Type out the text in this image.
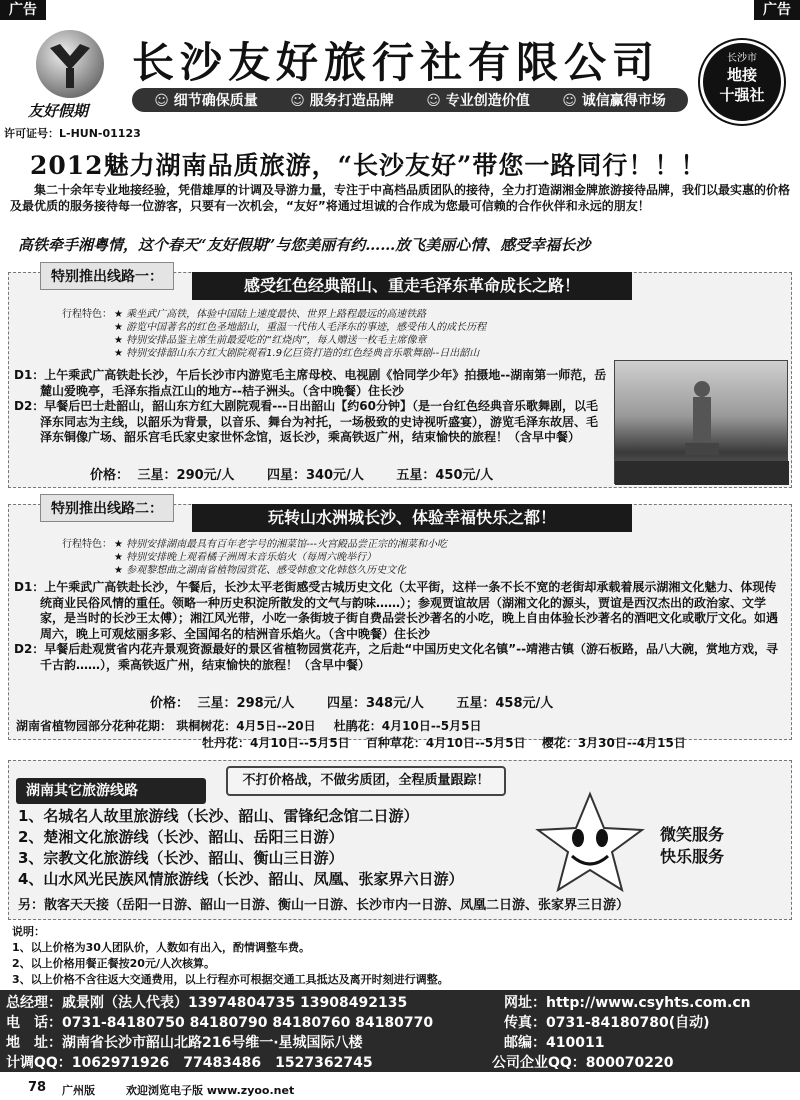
广告	广告
友好假期
许可证号：L-HUN-01123
长沙友好旅行社有限公司
☺ 细节确保质量	☺ 服务打造品牌	☺ 专业创造价值	☺ 诚信赢得市场
长沙市
地接
十强社
2012魅力湖南品质旅游，“长沙友好”带您一路同行！！！
集二十余年专业地接经验，凭借雄厚的计调及导游力量，专注于中高档品质团队的接待，全力打造湖湘金牌旅游接待品牌，我们以最实惠的价格及最优质的服务接待每一位游客，只要有一次机会，“友好”将通过坦诚的合作成为您最可信赖的合作伙伴和永远的朋友！
高铁牵手湘粤情，这个春天“友好假期”与您美丽有约……放飞美丽心情、感受幸福长沙
特别推出线路一：	感受红色经典韶山、重走毛泽东革命成长之路！
行程特色：	★ 乘坐武广高铁，体验中国陆上速度最快、世界上路程最远的高速铁路
★ 游览中国著名的红色圣地韶山，重温一代伟人毛泽东的事迹，感受伟人的成长历程
★ 特别安排品鉴主席生前最爱吃的“红烧肉”，每人赠送一枚毛主席像章
★ 特别安排韶山东方红大剧院观看1.9亿巨资打造的红色经典音乐歌舞剧--日出韶山

D1：上午乘武广高铁赴长沙，午后长沙市内游览毛主席母校、电视剧《恰同学少年》拍摄地--湖南第一师范，岳麓山爱晚亭，毛泽东指点江山的地方--桔子洲头。（含中晚餐）住长沙

D2：早餐后巴士赴韶山，韶山东方红大剧院观看---日出韶山【约60分钟】（是一台红色经典音乐歌舞剧，以毛泽东同志为主线，以韶乐为背景，以音乐、舞台为衬托，一场极致的史诗视听盛宴），游览毛泽东故居、毛泽东铜像广场、韶乐宫毛氏家史家世怀念馆，返长沙，乘高铁返广州，结束愉快的旅程！（含早中餐）

价格： 三星：290元/人	四星：340元/人	五星：450元/人
特别推出线路二：	玩转山水洲城长沙、体验幸福快乐之都！
行程特色：	★ 特别安排湖南最具有百年老字号的湘菜馆---火宫殿品尝正宗的湘菜和小吃
★ 特别安排晚上观看橘子洲周末音乐焰火（每周六晚举行）
★ 参观黎想曲之湖南省植物园赏花、感受韩愈文化韩悠久历史文化

D1：上午乘武广高铁赴长沙，午餐后，长沙太平老街感受古城历史文化（太平街，这样一条不长不宽的老街却承载着展示湖湘文化魅力、体现传统商业民俗风情的重任。领略一种历史积淀所散发的文气与韵味……）；参观贾谊故居（湖湘文化的源头，贾谊是西汉杰出的政治家、文学家，是当时的长沙王太傅）；湘江风光带，小吃一条街坡子街自费品尝长沙著名的小吃，晚上自由体验长沙著名的酒吧文化或歌厅文化。如遇周六，晚上可观炫丽多彩、全国闻名的桔洲音乐焰火。（含中晚餐）住长沙

D2：早餐后赴观赏省内花卉景观资源最好的景区省植物园赏花卉，之后赴“中国历史文化名镇”--靖港古镇（游石板路，品八大碗，赏地方戏，寻千古韵……），乘高铁返广州，结束愉快的旅程！（含早中餐）

价格： 三星：298元/人	四星：348元/人	五星：458元/人
湖南省植物园部分花种花期： 珙桐树花：4月5日--20日 杜鹃花：4月10日--5月5日
牡丹花：4月10日--5月5日 百种草花：4月10日--5月5日 樱花：3月30日--4月15日
湖南其它旅游线路
不打价格战，不做劣质团，全程质量跟踪！
1、名城名人故里旅游线（长沙、韶山、雷锋纪念馆二日游）
2、楚湘文化旅游线（长沙、韶山、岳阳三日游）
3、宗教文化旅游线（长沙、韶山、衡山三日游）
4、山水风光民族风情旅游线（长沙、韶山、凤凰、张家界六日游）
微笑服务
快乐服务
另：散客天天接（岳阳一日游、韶山一日游、衡山一日游、长沙市内一日游、凤凰二日游、张家界三日游）
说明：
1、以上价格为30人团队价，人数如有出入，酌情调整车费。
2、以上价格用餐正餐按20元/人次核算。
3、以上价格不含往返大交通费用，以上行程亦可根据交通工具抵达及离开时刻进行调整。
总经理：戚景刚（法人代表）13974804735 13908492135	网址：http://www.csyhts.com.cn
电　话：0731-84180750 84180790 84180760 84180770	传真：0731-84180780(自动)
地　址：湖南省长沙市韶山北路216号维一·星城国际八楼	邮编：410011
计调QQ：1062971926　77483486　1527362745	公司企业QQ：800070220
78 广州版	欢迎浏览电子版 www.zyoo.net
